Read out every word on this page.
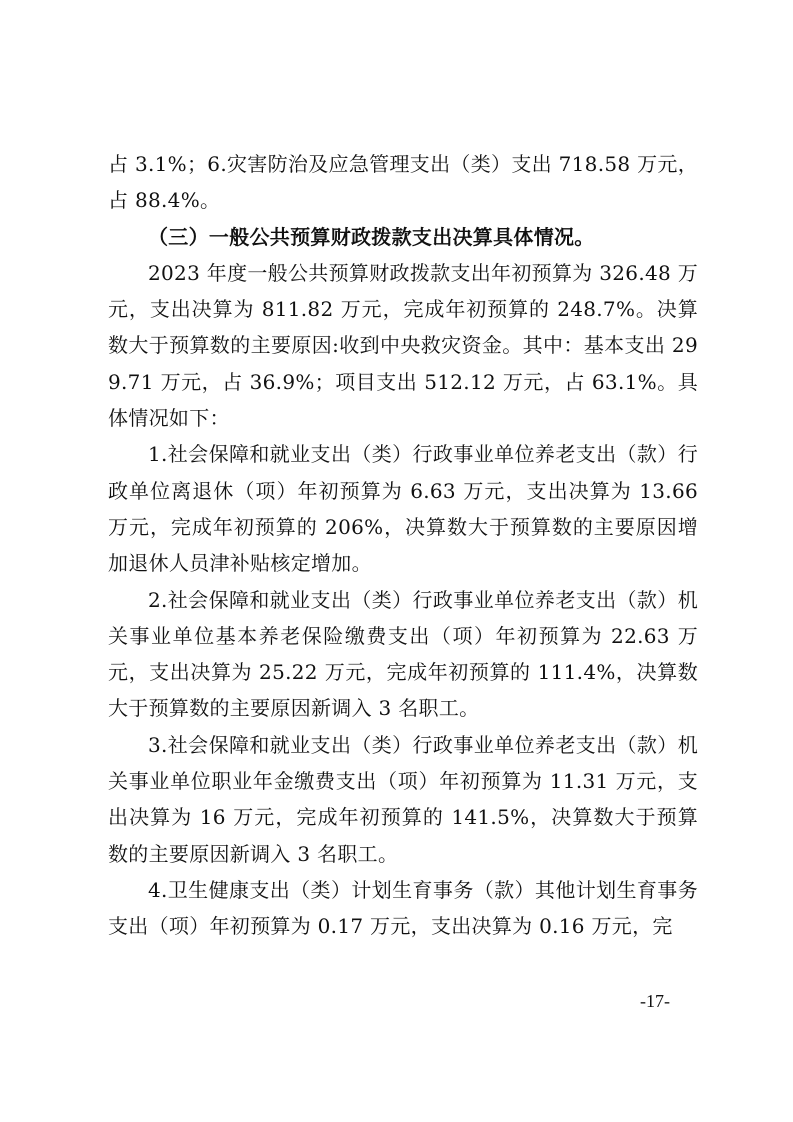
占 3.1%；6.灾害防治及应急管理支出（类）支出 718.58 万元，占 88.4%。

（三）一般公共预算财政拨款支出决算具体情况。

2023 年度一般公共预算财政拨款支出年初预算为 326.48 万元，支出决算为 811.82 万元，完成年初预算的 248.7%。决算数大于预算数的主要原因:收到中央救灾资金。其中：基本支出 299.71 万元，占 36.9%；项目支出 512.12 万元，占 63.1%。具体情况如下：

1.社会保障和就业支出（类）行政事业单位养老支出（款）行政单位离退休（项）年初预算为 6.63 万元，支出决算为 13.66 万元，完成年初预算的 206%，决算数大于预算数的主要原因增加退休人员津补贴核定增加。

2.社会保障和就业支出（类）行政事业单位养老支出（款）机关事业单位基本养老保险缴费支出（项）年初预算为 22.63 万元，支出决算为 25.22 万元，完成年初预算的 111.4%，决算数大于预算数的主要原因新调入 3 名职工。

3.社会保障和就业支出（类）行政事业单位养老支出（款）机关事业单位职业年金缴费支出（项）年初预算为 11.31 万元，支出决算为 16 万元，完成年初预算的 141.5%，决算数大于预算数的主要原因新调入 3 名职工。

4.卫生健康支出（类）计划生育事务（款）其他计划生育事务支出（项）年初预算为 0.17 万元，支出决算为 0.16 万元，完

-17-
